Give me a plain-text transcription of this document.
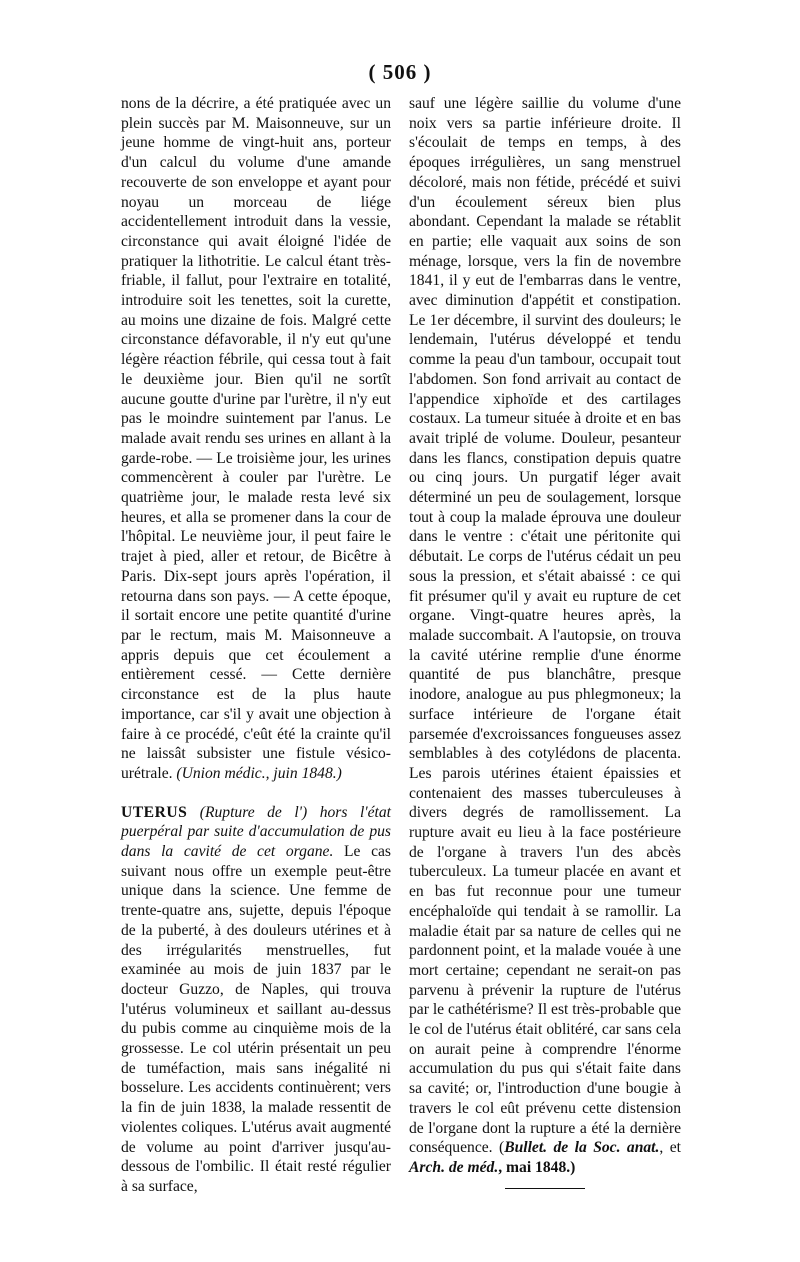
( 506 )

nons de la décrire, a été pratiquée avec un plein succès par M. Maisonneuve, sur un jeune homme de vingt-huit ans, porteur d'un calcul du volume d'une amande recouverte de son enveloppe et ayant pour noyau un morceau de liége accidentellement introduit dans la vessie, circonstance qui avait éloigné l'idée de pratiquer la lithotritie. Le calcul étant très-friable, il fallut, pour l'extraire en totalité, introduire soit les tenettes, soit la curette, au moins une dizaine de fois. Malgré cette circonstance défavorable, il n'y eut qu'une légère réaction fébrile, qui cessa tout à fait le deuxième jour. Bien qu'il ne sortît aucune goutte d'urine par l'urètre, il n'y eut pas le moindre suintement par l'anus. Le malade avait rendu ses urines en allant à la garde-robe. — Le troisième jour, les urines commencèrent à couler par l'urètre. Le quatrième jour, le malade resta levé six heures, et alla se promener dans la cour de l'hôpital. Le neuvième jour, il peut faire le trajet à pied, aller et retour, de Bicêtre à Paris. Dix-sept jours après l'opération, il retourna dans son pays. — A cette époque, il sortait encore une petite quantité d'urine par le rectum, mais M. Maisonneuve a appris depuis que cet écoulement a entièrement cessé. — Cette dernière circonstance est de la plus haute importance, car s'il y avait une objection à faire à ce procédé, c'eût été la crainte qu'il ne laissât subsister une fistule vésico-urétrale. (Union médic., juin 1848.)

UTERUS (Rupture de l') hors l'état puerpéral par suite d'accumulation de pus dans la cavité de cet organe. Le cas suivant nous offre un exemple peut-être unique dans la science. Une femme de trente-quatre ans, sujette, depuis l'époque de la puberté, à des douleurs utérines et à des irrégularités menstruelles, fut examinée au mois de juin 1837 par le docteur Guzzo, de Naples, qui trouva l'utérus volumineux et saillant au-dessus du pubis comme au cinquième mois de la grossesse. Le col utérin présentait un peu de tuméfaction, mais sans inégalité ni bosselure. Les accidents continuèrent; vers la fin de juin 1838, la malade ressentit de violentes coliques. L'utérus avait augmenté de volume au point d'arriver jusqu'au-dessous de l'ombilic. Il était resté régulier à sa surface,

sauf une légère saillie du volume d'une noix vers sa partie inférieure droite. Il s'écoulait de temps en temps, à des époques irrégulières, un sang menstruel décoloré, mais non fétide, précédé et suivi d'un écoulement séreux bien plus abondant. Cependant la malade se rétablit en partie; elle vaquait aux soins de son ménage, lorsque, vers la fin de novembre 1841, il y eut de l'embarras dans le ventre, avec diminution d'appétit et constipation. Le 1er décembre, il survint des douleurs; le lendemain, l'utérus développé et tendu comme la peau d'un tambour, occupait tout l'abdomen. Son fond arrivait au contact de l'appendice xiphoïde et des cartilages costaux. La tumeur située à droite et en bas avait triplé de volume. Douleur, pesanteur dans les flancs, constipation depuis quatre ou cinq jours. Un purgatif léger avait déterminé un peu de soulagement, lorsque tout à coup la malade éprouva une douleur dans le ventre : c'était une péritonite qui débutait. Le corps de l'utérus cédait un peu sous la pression, et s'était abaissé : ce qui fit présumer qu'il y avait eu rupture de cet organe. Vingt-quatre heures après, la malade succombait. A l'autopsie, on trouva la cavité utérine remplie d'une énorme quantité de pus blanchâtre, presque inodore, analogue au pus phlegmoneux; la surface intérieure de l'organe était parsemée d'excroissances fongueuses assez semblables à des cotylédons de placenta. Les parois utérines étaient épaissies et contenaient des masses tuberculeuses à divers degrés de ramollissement. La rupture avait eu lieu à la face postérieure de l'organe à travers l'un des abcès tuberculeux. La tumeur placée en avant et en bas fut reconnue pour une tumeur encéphaloïde qui tendait à se ramollir. La maladie était par sa nature de celles qui ne pardonnent point, et la malade vouée à une mort certaine; cependant ne serait-on pas parvenu à prévenir la rupture de l'utérus par le cathétérisme? Il est très-probable que le col de l'utérus était oblitéré, car sans cela on aurait peine à comprendre l'énorme accumulation du pus qui s'était faite dans sa cavité; or, l'introduction d'une bougie à travers le col eût prévenu cette distension de l'organe dont la rupture a été la dernière conséquence. (Bullet. de la Soc. anat., et Arch. de méd., mai 1848.)
